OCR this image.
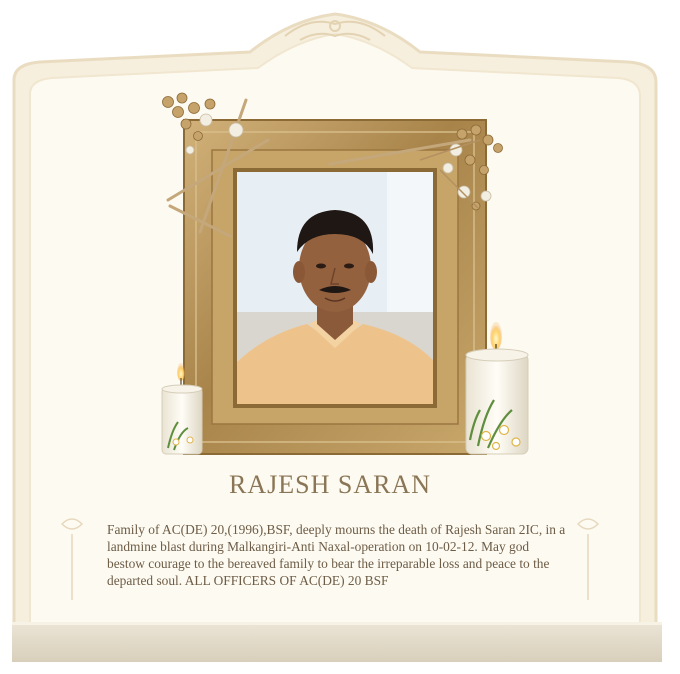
RAJESH SARAN
Family of AC(DE) 20,(1996),BSF, deeply mourns the death of Rajesh Saran 2IC, in a landmine blast during Malkangiri-Anti Naxal-operation on 10-02-12. May god bestow courage to the bereaved family to bear the irreparable loss and peace to the departed soul. ALL OFFICERS OF AC(DE) 20 BSF
